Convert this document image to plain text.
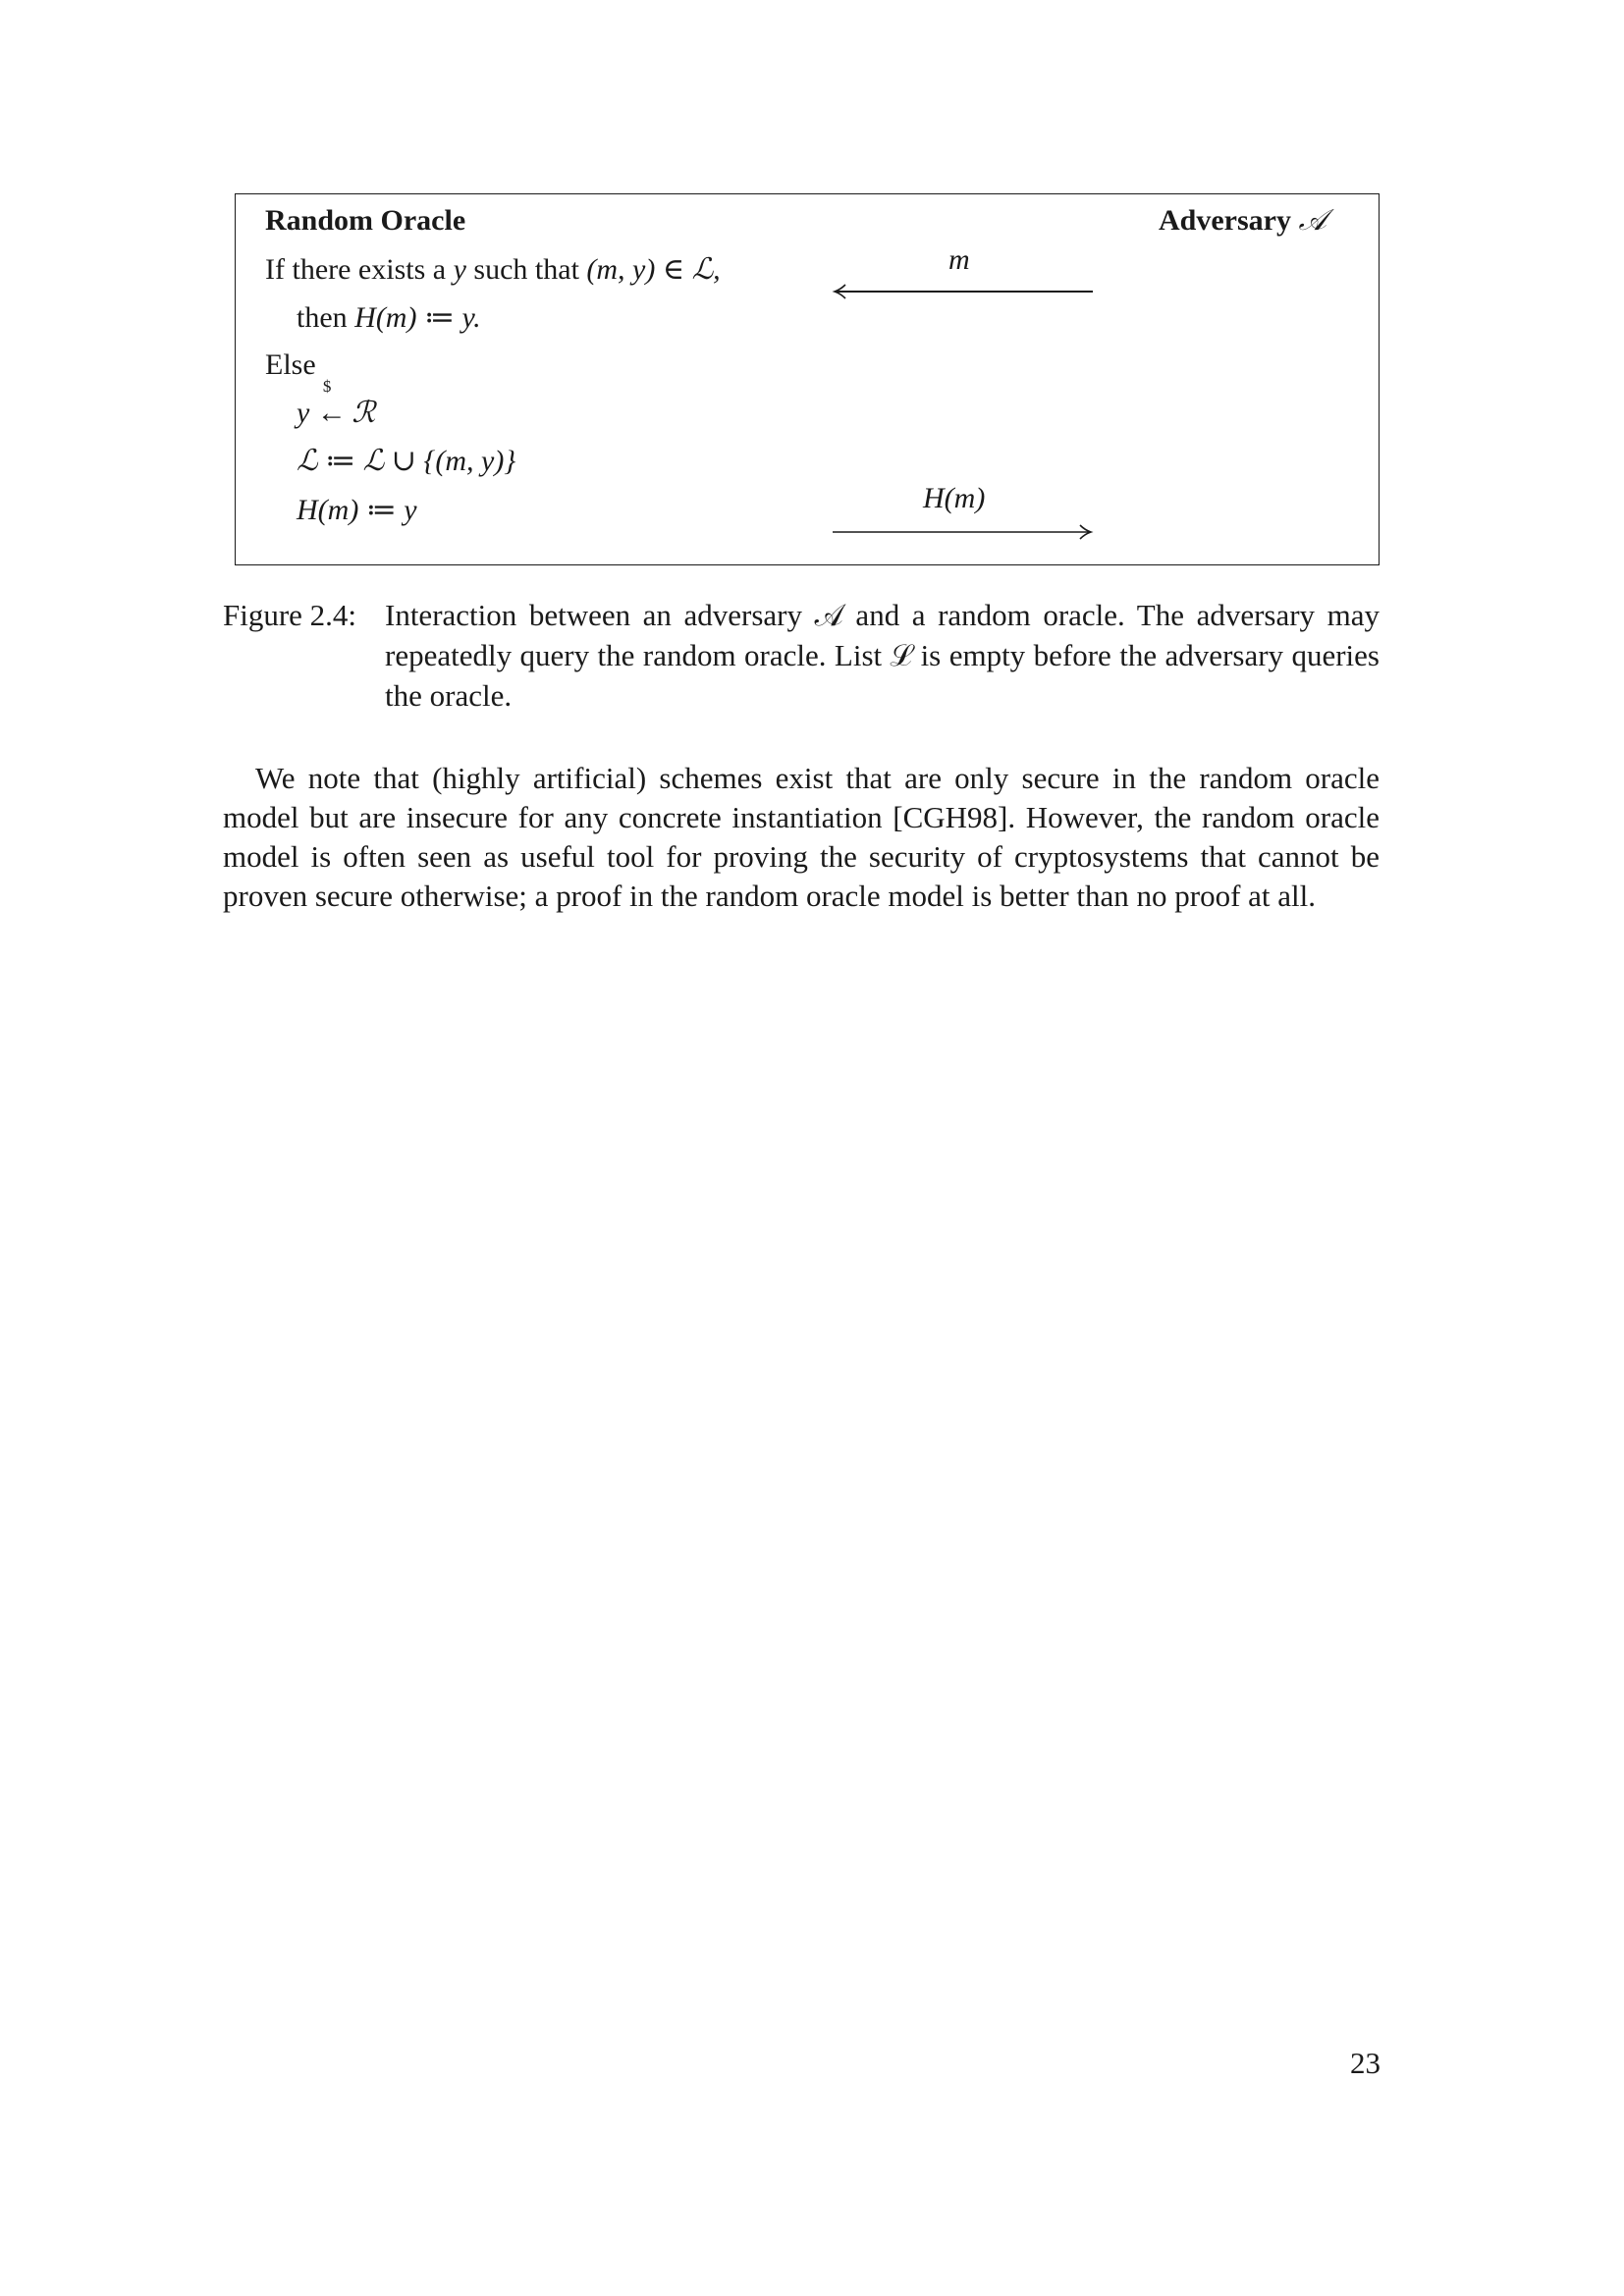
Random Oracle	Adversary 𝒜
If there exists a y such that (m, y) ∈ ℒ,
then H(m) ≔ y.
Else
y
$
← ℛ
ℒ ≔ ℒ ∪ {(m, y)}
H(m) ≔ y
m
H(m)
Figure 2.4: Interaction between an adversary 𝒜 and a random oracle. The adversary may repeatedly query the random oracle. List ℒ is empty before the adversary queries the oracle.
We note that (highly artificial) schemes exist that are only secure in the random oracle model but are insecure for any concrete instantiation [CGH98]. However, the random oracle model is often seen as useful tool for proving the security of cryptosystems that cannot be proven secure otherwise; a proof in the random oracle model is better than no proof at all.
23
